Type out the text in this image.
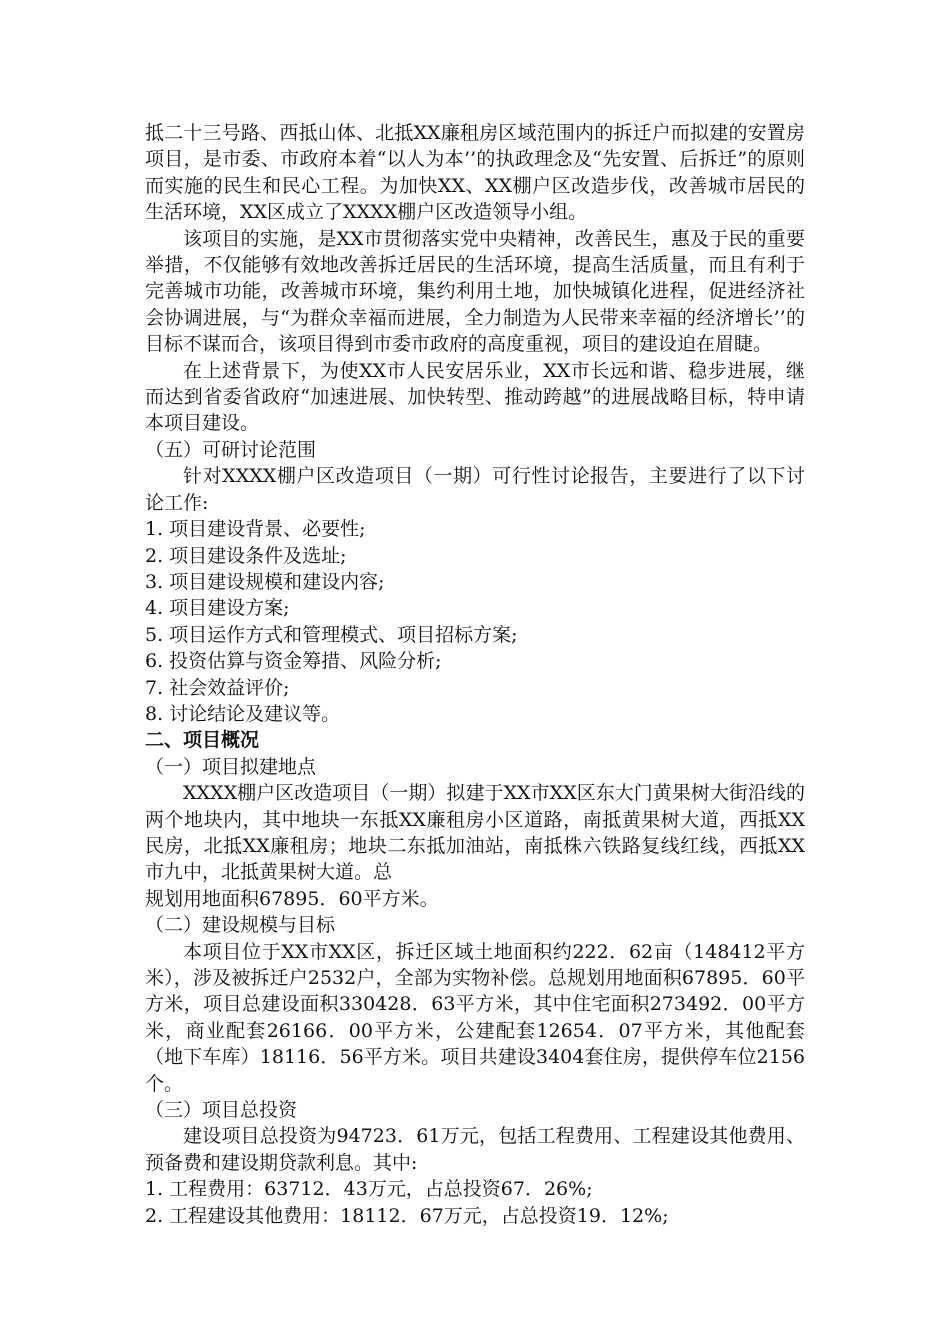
抵二十三号路、西抵山体、北抵XX廉租房区域范围内的拆迁户而拟建的安置房项目，是市委、市政府本着“以人为本’’的执政理念及“先安置、后拆迁”的原则而实施的民生和民心工程。为加快XX、XX棚户区改造步伐，改善城市居民的生活环境，XX区成立了XXXX棚户区改造领导小组。

该项目的实施，是XX市贯彻落实党中央精神，改善民生，惠及于民的重要举措，不仅能够有效地改善拆迁居民的生活环境，提高生活质量，而且有利于完善城市功能，改善城市环境，集约利用土地，加快城镇化进程，促进经济社会协调进展，与“为群众幸福而进展，全力制造为人民带来幸福的经济增长’’的目标不谋而合，该项目得到市委市政府的高度重视，项目的建设迫在眉睫。

在上述背景下，为使XX市人民安居乐业，XX市长远和谐、稳步进展，继而达到省委省政府“加速进展、加快转型、推动跨越”的进展战略目标，特申请本项目建设。

（五）可研讨论范围

针对XXXX棚户区改造项目（一期）可行性讨论报告，主要进行了以下讨论工作:

1. 项目建设背景、必要性;

2. 项目建设条件及选址;

3. 项目建设规模和建设内容;

4. 项目建设方案;

5. 项目运作方式和管理模式、项目招标方案;

6. 投资估算与资金筹措、风险分析;

7. 社会效益评价;

8. 讨论结论及建议等。

二、项目概况

（一）项目拟建地点

XXXX棚户区改造项目（一期）拟建于XX市XX区东大门黄果树大街沿线的两个地块内，其中地块一东抵XX廉租房小区道路，南抵黄果树大道，西抵XX民房，北抵XX廉租房；地块二东抵加油站，南抵株六铁路复线红线，西抵XX市九中，北抵黄果树大道。总

规划用地面积67895．60平方米。

（二）建设规模与目标

本项目位于XX市XX区，拆迁区域土地面积约222．62亩（148412平方米），涉及被拆迁户2532户，全部为实物补偿。总规划用地面积67895．60平方米，项目总建设面积330428．63平方米，其中住宅面积273492．00平方米，商业配套26166．00平方米，公建配套12654．07平方米，其他配套（地下车库）18116．56平方米。项目共建设3404套住房，提供停车位2156个。

（三）项目总投资

建设项目总投资为94723．61万元，包括工程费用、工程建设其他费用、预备费和建设期贷款利息。其中:

1. 工程费用：63712．43万元，占总投资67．26%;

2. 工程建设其他费用：18112．67万元，占总投资19．12%;
